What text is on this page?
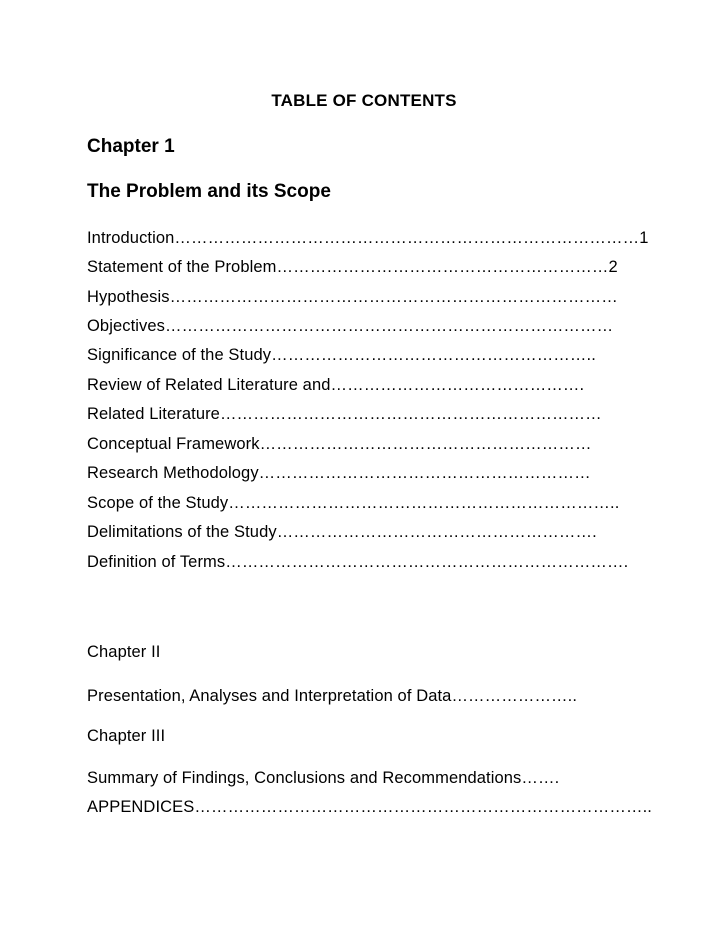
TABLE OF CONTENTS
Chapter 1
The Problem and its Scope
Introduction…………………………………………………………………………1
Statement of the Problem……………………………………………………2
Hypothesis………………………………………………………………………
Objectives………………………………………………………………………
Significance of the Study…………………………………………………..
Review of Related Literature and……………………………………….
Related Literature……………………………………………………………
Conceptual Framework……………………………………………………
Research Methodology……………………………………………………
Scope of the Study……………………………………………………………..
Delimitations of the Study………………………………………………….
Definition of Terms……………………………………………………………….
Chapter II
Presentation, Analyses and Interpretation of Data…………………..
Chapter III
Summary of Findings, Conclusions and Recommendations…….
APPENDICES………………………………………………………………………..
